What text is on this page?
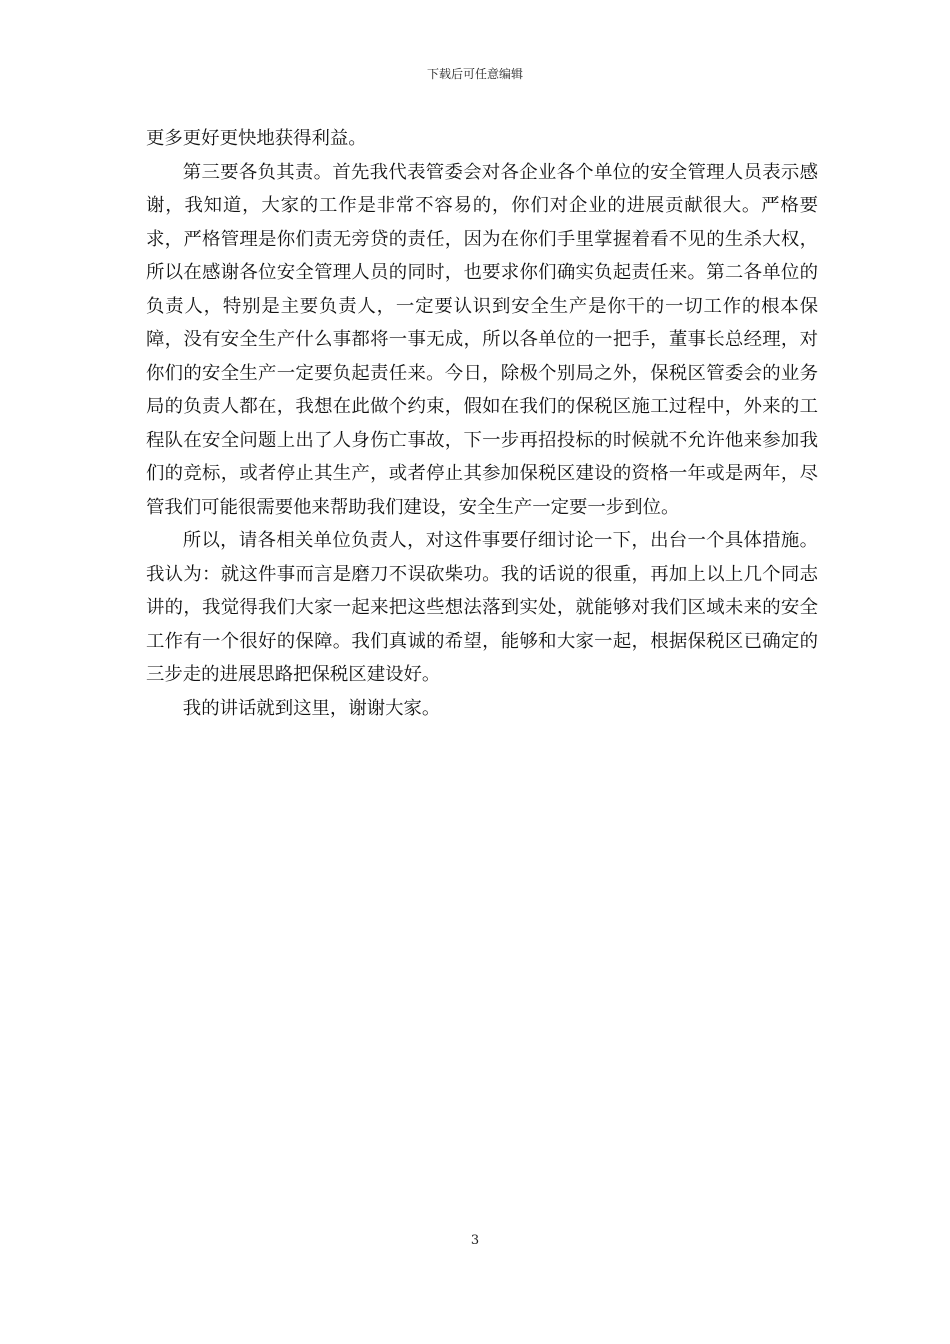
下载后可任意编辑

更多更好更快地获得利益。

第三要各负其责。首先我代表管委会对各企业各个单位的安全管理人员表示感谢，我知道，大家的工作是非常不容易的，你们对企业的进展贡献很大。严格要求，严格管理是你们责无旁贷的责任，因为在你们手里掌握着看不见的生杀大权，所以在感谢各位安全管理人员的同时，也要求你们确实负起责任来。第二各单位的负责人，特别是主要负责人，一定要认识到安全生产是你干的一切工作的根本保障，没有安全生产什么事都将一事无成，所以各单位的一把手，董事长总经理，对你们的安全生产一定要负起责任来。今日，除极个别局之外，保税区管委会的业务局的负责人都在，我想在此做个约束，假如在我们的保税区施工过程中，外来的工程队在安全问题上出了人身伤亡事故，下一步再招投标的时候就不允许他来参加我们的竞标，或者停止其生产，或者停止其参加保税区建设的资格一年或是两年，尽管我们可能很需要他来帮助我们建设，安全生产一定要一步到位。

所以，请各相关单位负责人，对这件事要仔细讨论一下，出台一个具体措施。我认为：就这件事而言是磨刀不误砍柴功。我的话说的很重，再加上以上几个同志讲的，我觉得我们大家一起来把这些想法落到实处，就能够对我们区域未来的安全工作有一个很好的保障。我们真诚的希望，能够和大家一起，根据保税区已确定的三步走的进展思路把保税区建设好。

我的讲话就到这里，谢谢大家。

3
